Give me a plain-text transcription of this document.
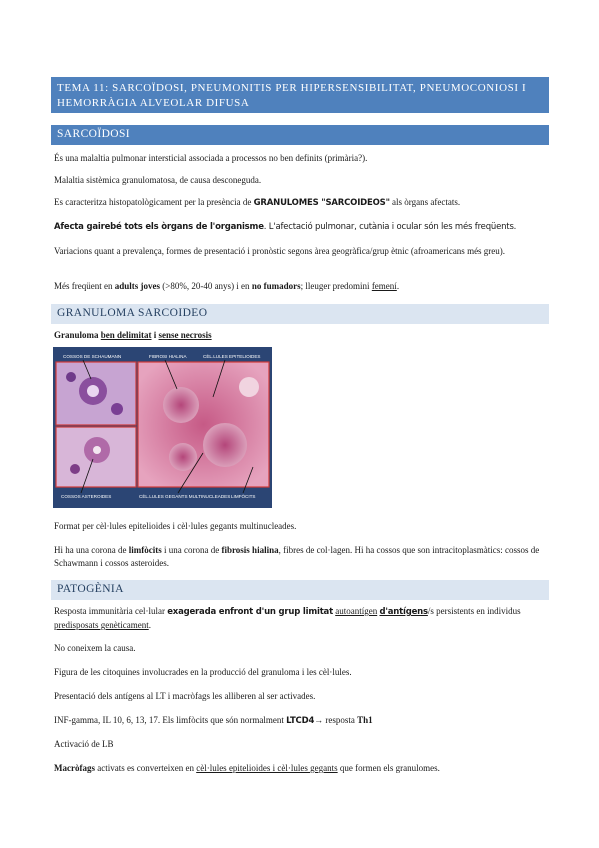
TEMA 11: SARCOÏDOSI, PNEUMONITIS PER HIPERSENSIBILITAT, PNEUMOCONIOSI I HEMORRÀGIA ALVEOLAR DIFUSA
SARCOÏDOSI
És una malaltia pulmonar intersticial associada a processos no ben definits (primària?).
Malaltia sistèmica granulomatosa, de causa desconeguda.
Es caracteritza histopatològicament per la presència de GRANULOMES "SARCOIDEOS" als òrgans afectats.
Afecta gairebé tots els òrgans de l'organisme. L'afectació pulmonar, cutània i ocular són les més freqüents.
Variacions quant a prevalença, formes de presentació i pronòstic segons àrea geogràfica/grup ètnic (afroamericans més greu).
Més freqüent en adults joves (>80%, 20-40 anys) i en no fumadors; lleuger predomini femení.
GRANULOMA SARCOIDEO
Granuloma ben delimitat i sense necrosis
COSSOS DE SCHAUMANN	FIBROSI HIALINA	CÈL.LULES EPITELIOIDES
COSSOS ASTEROIDES	CÈL.LULES GEGANTS MULTINUCLEADES LIMFÒCITS
Format per cèl·lules epitelioides i cèl·lules gegants multinucleades.
Hi ha una corona de limfòcits i una corona de fibrosis hialina, fibres de col·lagen. Hi ha cossos que son intracitoplasmàtics: cossos de Schawmann i cossos asteroides.
PATOGÈNIA
Resposta immunitària cel·lular exagerada enfront d'un grup limitat autoantígen d'antígens/s persistents en individus predisposats genèticament.
No coneixem la causa.
Figura de les citoquines involucrades en la producció del granuloma i les cèl·lules.
Presentació dels antígens al LT i macròfags les alliberen al ser activades.
INF-gamma, IL 10, 6, 13, 17. Els limfòcits que són normalment LTCD4→ resposta Th1
Activació de LB
Macròfags activats es converteixen en cèl·lules epitelioides i cèl·lules gegants que formen els granulomes.
